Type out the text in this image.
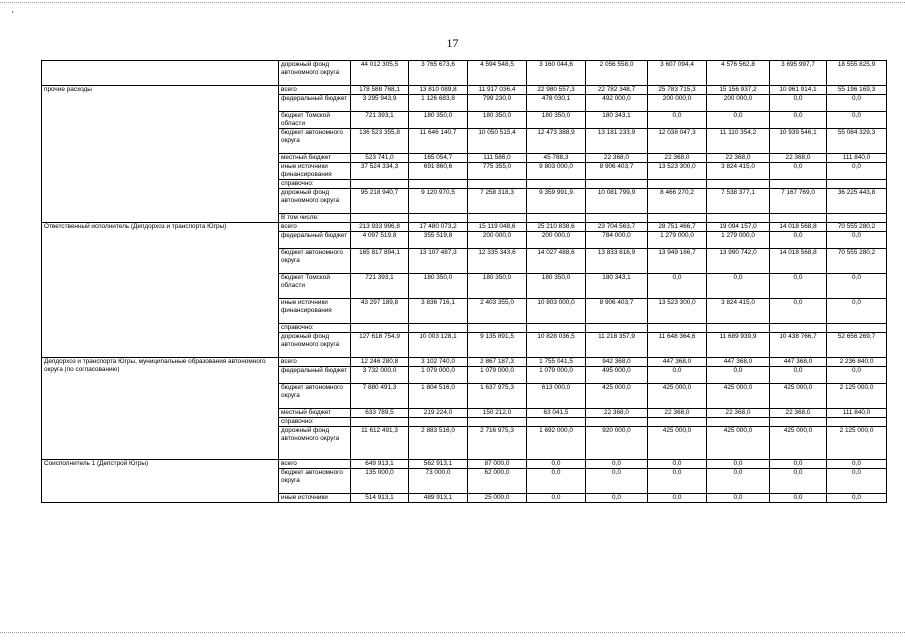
'
17
	дорожный фонд автономного округа	44 012 305,5	3 765 673,6	4 594 548,5	3 160 044,6	2 056 558,0	3 607 094,4	4 576 562,8	3 695 997,7	18 555 825,9	
прочие расходы	всего	178 588 768,1	13 810 089,8	11 917 036,4	22 980 557,3	22 782 348,7	25 783 715,3	15 156 937,2	10 961 914,1	55 196 169,3	
	федеральный бюджет	3 295 943,9	1 126 683,8	799 230,0	478 030,1	492 000,0	200 000,0	200 000,0	0,0	0,0	
	бюджет Томской области	721 393,1	180 350,0	180 350,0	180 350,0	180 343,1	0,0	0,0	0,0	0,0	
	бюджет автономного округа	136 523 355,8	11 646 140,7	10 050 515,4	12 473 388,9	13 181 233,9	12 038 047,3	11 110 354,2	10 939 546,1	55 084 329,3	
	местный бюджет	523 741,0	165 054,7	111 586,0	45 788,3	22 368,0	22 368,0	22 368,0	22 368,0	111 840,0	
	иные источники финансирования	37 524 334,3	691 860,6	775 355,0	9 803 000,0	8 906 403,7	13 523 300,0	3 824 415,0	0,0	0,0	
	справочно:										
	дорожный фонд автономного округа	95 218 940,7	9 120 970,5	7 258 318,3	9 359 991,9	10 081 799,9	8 466 270,2	7 538 377,1	7 167 769,0	36 225 443,8	
	В том числе:										
Ответственный исполнитель (Депдорхоз и транспорта Югры)	всего	213 933 996,8	17 480 073,2	15 119 048,6	25 210 838,6	23 704 563,7	28 751 466,7	19 094 157,0	14 018 568,8	70 555 280,2	
	федеральный бюджет	4 097 519,8	355 519,8	200 000,0	200 000,0	784 000,0	1 279 000,0	1 279 000,0	0,0	0,0	
	бюджет автономного округа	165 817 894,1	13 107 487,3	12 335 343,6	14 027 488,6	13 833 816,9	13 949 166,7	13 990 742,0	14 018 568,8	70 555 280,2	
	бюджет Томской области	721 393,1	180 350,0	180 350,0	180 350,0	180 343,1	0,0	0,0	0,0	0,0	
	иные источники финансирования	43 297 189,8	3 836 716,1	2 403 355,0	10 803 000,0	8 906 403,7	13 523 300,0	3 824 415,0	0,0	0,0	
	справочно:										
	дорожный фонд автономного округа	127 618 754,9	10 003 128,1	9 135 891,5	10 828 036,5	11 218 357,9	11 648 364,6	11 689 939,9	10 438 766,7	52 656 269,7	
Депдорхоз и транспорта Югры, муниципальные образования автономного округа (по согласованию)	всего	12 246 280,8	3 102 740,0	2 867 187,3	1 755 041,5	942 368,0	447 368,0	447 368,0	447 368,0	2 236 840,0	
	федеральный бюджет	3 732 000,0	1 079 000,0	1 079 000,0	1 079 000,0	495 000,0	0,0	0,0	0,0	0,0	
	бюджет автономного округа	7 880 491,3	1 804 516,0	1 637 975,3	613 000,0	425 000,0	425 000,0	425 000,0	425 000,0	2 125 000,0	
	местный бюджет	633 789,5	219 224,0	150 212,0	63 041,5	22 368,0	22 368,0	22 368,0	22 368,0	111 840,0	
	справочно:										
	дорожный фонд автономного округа	11 612 491,3	2 883 516,0	2 716 975,3	1 692 000,0	920 000,0	425 000,0	425 000,0	425 000,0	2 125 000,0	
Соисполнитель 1 (Депстрой Югры)	всего	649 913,1	562 913,1	87 000,0	0,0	0,0	0,0	0,0	0,0	0,0	
	бюджет автономного округа	135 000,0	73 000,0	62 000,0	0,0	0,0	0,0	0,0	0,0	0,0	
	иные источники	514 913,1	489 913,1	25 000,0	0,0	0,0	0,0	0,0	0,0	0,0	
